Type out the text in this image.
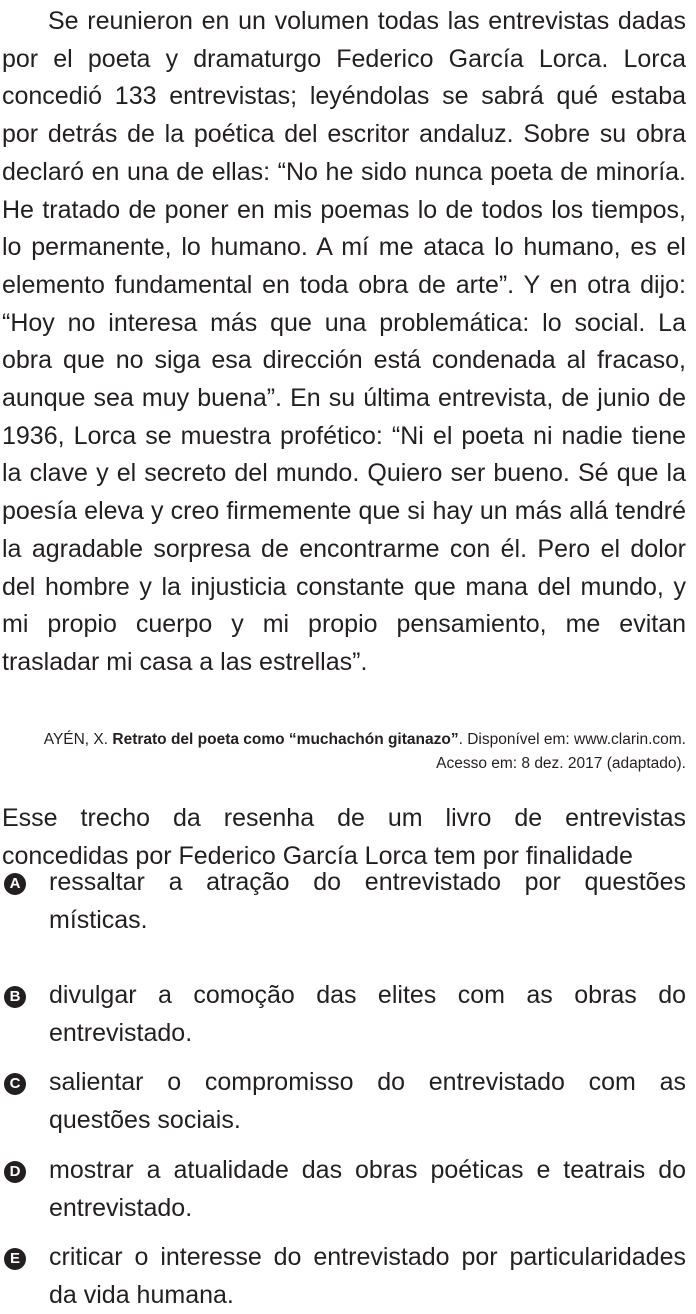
Se reunieron en un volumen todas las entrevistas dadas por el poeta y dramaturgo Federico García Lorca. Lorca concedió 133 entrevistas; leyéndolas se sabrá qué estaba por detrás de la poética del escritor andaluz. Sobre su obra declaró en una de ellas: “No he sido nunca poeta de minoría. He tratado de poner en mis poemas lo de todos los tiempos, lo permanente, lo humano. A mí me ataca lo humano, es el elemento fundamental en toda obra de arte”. Y en otra dijo: “Hoy no interesa más que una problemática: lo social. La obra que no siga esa dirección está condenada al fracaso, aunque sea muy buena”. En su última entrevista, de junio de 1936, Lorca se muestra profético: “Ni el poeta ni nadie tiene la clave y el secreto del mundo. Quiero ser bueno. Sé que la poesía eleva y creo firmemente que si hay un más allá tendré la agradable sorpresa de encontrarme con él. Pero el dolor del hombre y la injusticia constante que mana del mundo, y mi propio cuerpo y mi propio pensamiento, me evitan trasladar mi casa a las estrellas”.

AYÉN, X. Retrato del poeta como “muchachón gitanazo”. Disponível em: www.clarin.com.
Acesso em: 8 dez. 2017 (adaptado).

Esse trecho da resenha de um livro de entrevistas concedidas por Federico García Lorca tem por finalidade

A ressaltar a atração do entrevistado por questões místicas.

B divulgar a comoção das elites com as obras do entrevistado.

C salientar o compromisso do entrevistado com as questões sociais.

D mostrar a atualidade das obras poéticas e teatrais do entrevistado.

E criticar o interesse do entrevistado por particularidades da vida humana.
